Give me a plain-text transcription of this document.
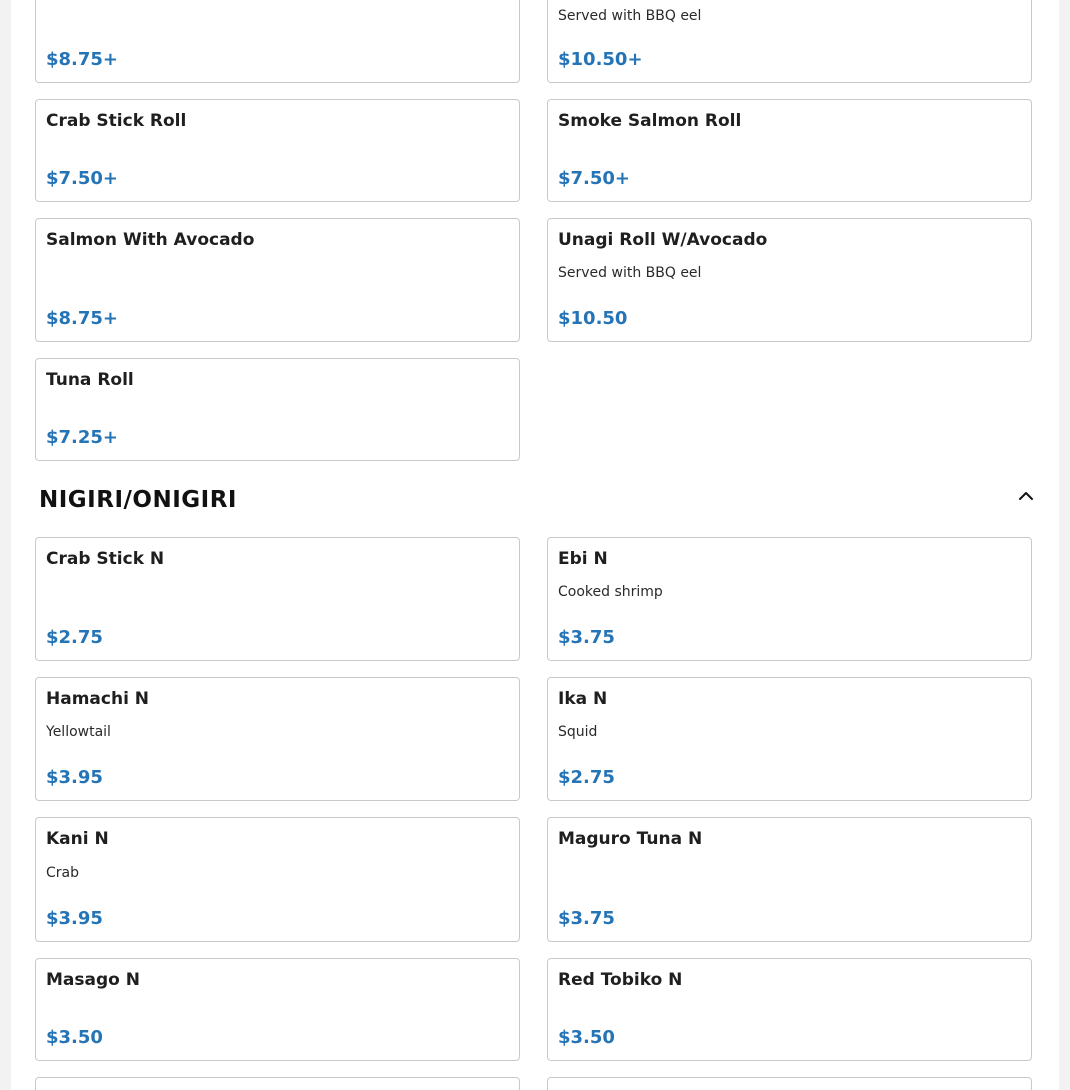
$8.75+
Served with BBQ eel
$10.50+
Crab Stick Roll
$7.50+
Smoke Salmon Roll
$7.50+
Salmon With Avocado
$8.75+
Unagi Roll W/Avocado
Served with BBQ eel
$10.50
Tuna Roll
$7.25+
NIGIRI/ONIGIRI
Crab Stick N
$2.75
Ebi N
Cooked shrimp
$3.75
Hamachi N
Yellowtail
$3.95
Ika N
Squid
$2.75
Kani N
Crab
$3.95
Maguro Tuna N
$3.75
Masago N
$3.50
Red Tobiko N
$3.50
